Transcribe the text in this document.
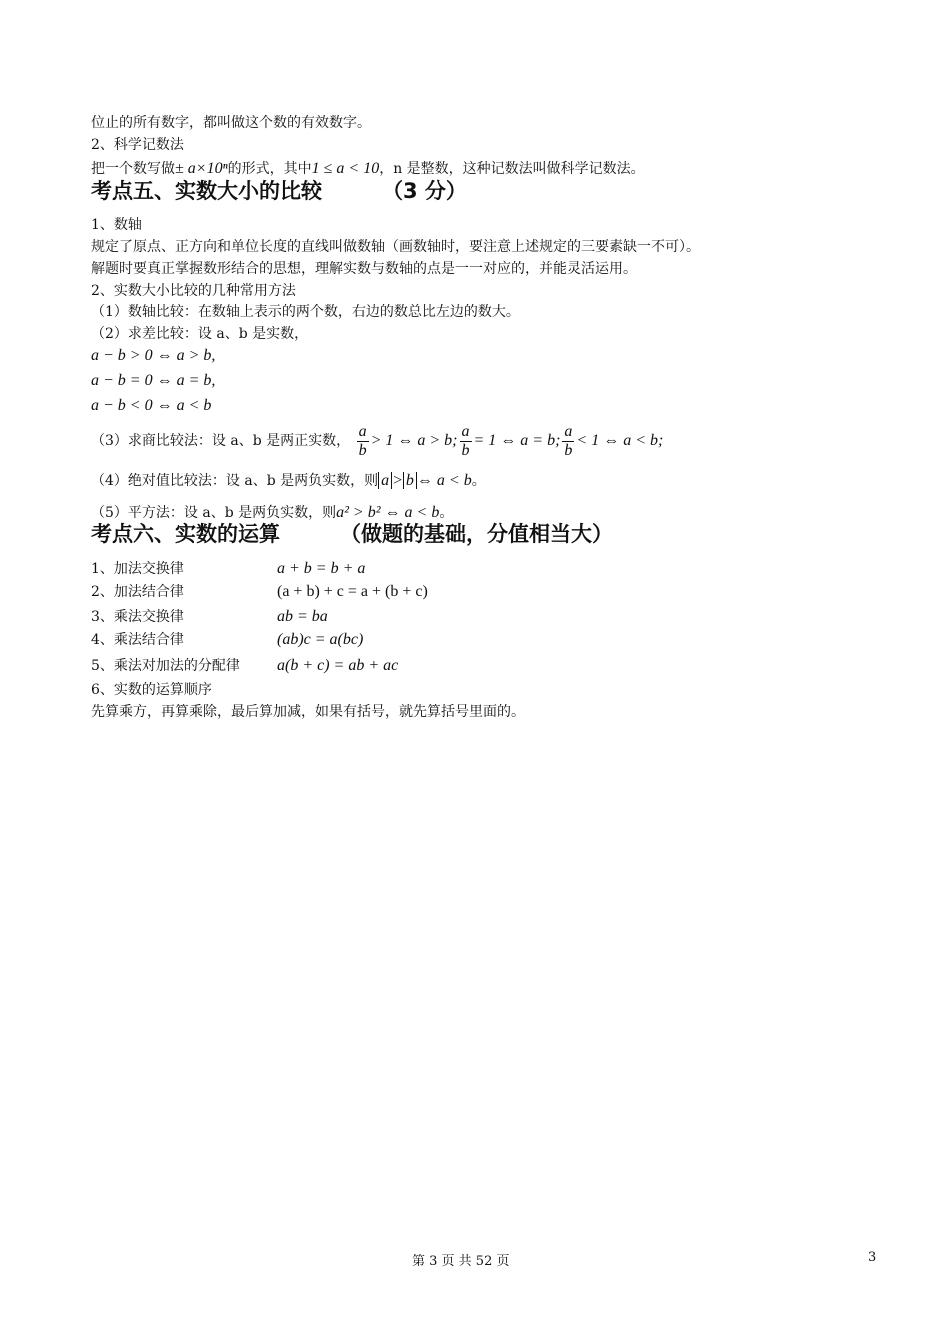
位止的所有数字，都叫做这个数的有效数字。
2、科学记数法
把一个数写做± a×10ⁿ的形式，其中1 ≤ a < 10，n 是整数，这种记数法叫做科学记数法。
考点五、实数大小的比较	（3 分）
1、数轴
规定了原点、正方向和单位长度的直线叫做数轴（画数轴时，要注意上述规定的三要素缺一不可）。
解题时要真正掌握数形结合的思想，理解实数与数轴的点是一一对应的，并能灵活运用。
2、实数大小比较的几种常用方法
（1）数轴比较：在数轴上表示的两个数，右边的数总比左边的数大。
（2）求差比较：设 a、b 是实数，
a − b > 0 ⇔ a > b,
a − b = 0 ⇔ a = b,
a − b < 0 ⇔ a < b
（3）求商比较法：设 a、b 是两正实数， $\frac{a}{b} > 1$ ⇔ a > b; $\frac{a}{b} = 1$ ⇔ a = b; $\frac{a}{b} < 1$ ⇔ a < b;
（4）绝对值比较法：设 a、b 是两负实数，则 a > b ⇔ a < b。
（5）平方法：设 a、b 是两负实数，则a² > b² ⇔ a < b。
考点六、实数的运算	（做题的基础，分值相当大）
1、加法交换律	a + b = b + a
2、加法结合律	(a + b) + c = a + (b + c)
3、乘法交换律	ab = ba
4、乘法结合律	(ab)c = a(bc)
5、乘法对加法的分配律 a(b + c) = ab + ac
6、实数的运算顺序
先算乘方，再算乘除，最后算加减，如果有括号，就先算括号里面的。
第 3 页 共 52 页	3
